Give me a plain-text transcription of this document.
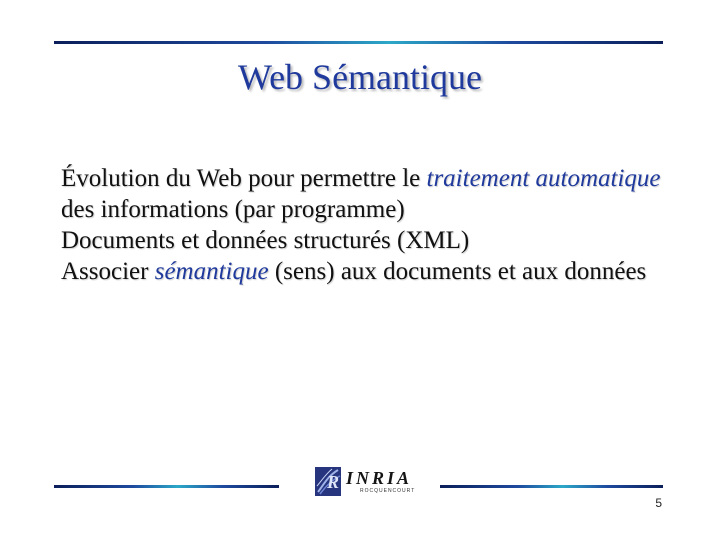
Web Sémantique

Évolution du Web pour permettre le traitement automatique des informations (par programme)

Documents et données structurés (XML)

Associer sémantique (sens) aux documents et aux données

R INRIA
ROCQUENCOURT
5
